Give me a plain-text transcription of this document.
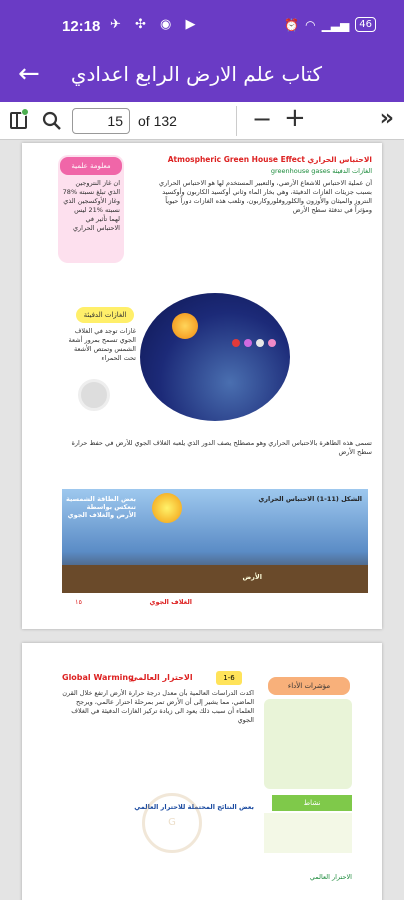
12:18 ✈ ✣ ◉ ▶	⏰ ◠ ▁▃▅	46
← كتاب علم الارض الرابع اعدادي
15	of 132	− +	»
الاحتباس الحراري Atmospheric Green House Effect
الغازات الدفيئة greenhouse gases
أن عملية الاحتباس للاشعاع الأرضي، والتعبير المستخدم لها هو الاحتباس الحراري بسبب جزيئات الغازات الدفيئة، وهي بخار الماء وثاني أوكسيد الكاربون وأوكسيد النتروز والميثان والأوزون والكلوروفلوروكاربون، وتلعب هذه الغازات دوراً حيوياً ومؤثراً في تدفئة سطح الأرض
معلومة علمية
ان غاز النتروجين الذي تبلغ نسبته %78 وغاز الأوكسجين الذي نسبته %21 ليس لهما تأثير في الاحتباس الحراري
الغازات الدفيئة
غازات توجد في الغلاف الجوي تسمح بمرور أشعة الشمس وتمتص الأشعة تحت الحمراء
تسمى هذه الظاهرة بالاحتباس الحراري وهو مصطلح يصف الدور الذي يلعبه الغلاف الجوي للأرض في حفظ حرارة سطح الأرض
بعض الطاقة الشمسية تنعكس بواسطة الأرض والغلاف الجوي
الشكل (11-1) الاحتباس الحراري
الأرض
الغلاف الجوي
١٥
1-6
الاحترار العالمي
Global Warming
اكدت الدراسات العالمية بأن معدل درجة حرارة الأرض ارتفع خلال القرن الماضي، مما يشير إلى أن الأرض تمر بمرحلة احترار عالمي، ويرجح العلماء أن سبب ذلك يعود الى زيادة تركيز الغازات الدفيئة في الغلاف الجوي
بعض النتائج المحتملة للاحترار العالمي
مؤشرات الأداء
نشاط
الاحترار العالمي
G
